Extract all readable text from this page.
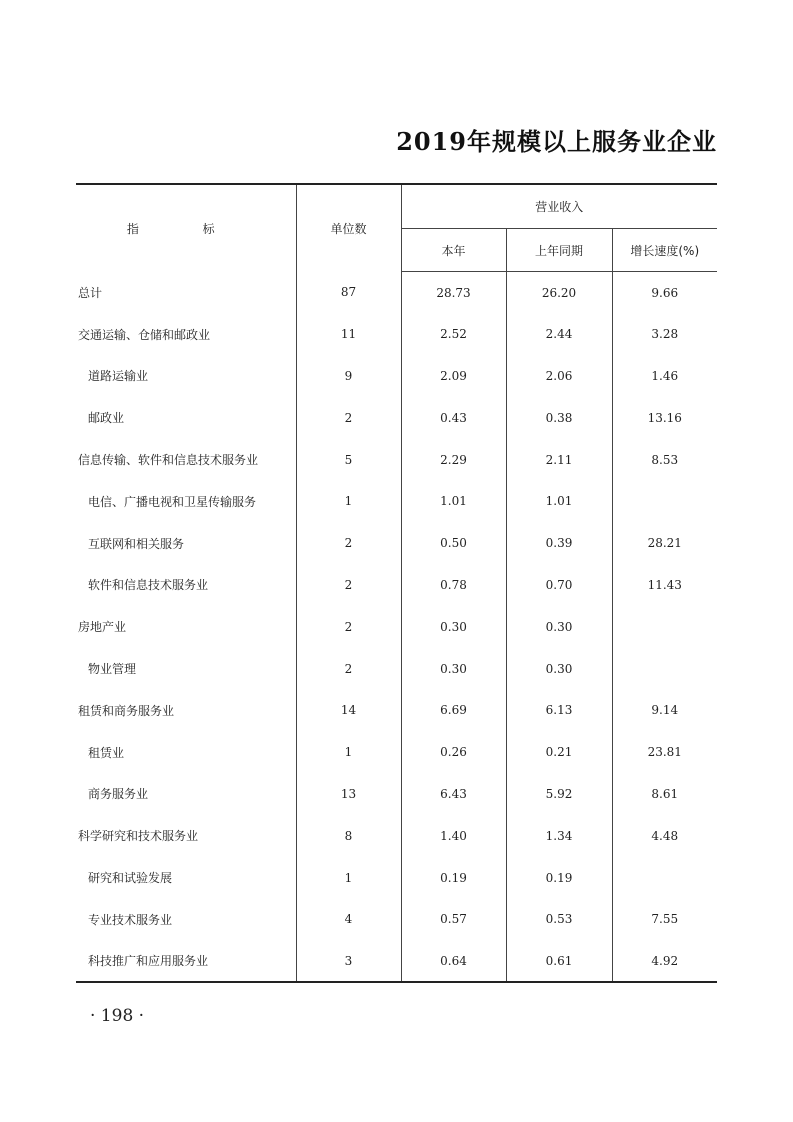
2019年规模以上服务业企业
指 标	单位数	营业收入		
		本年	上年同期	增长速度(%)
总计	87	28.73	26.20	9.66
交通运输、仓储和邮政业	11	2.52	2.44	3.28
道路运输业	9	2.09	2.06	1.46
邮政业	2	0.43	0.38	13.16
信息传输、软件和信息技术服务业	5	2.29	2.11	8.53
电信、广播电视和卫星传输服务	1	1.01	1.01	
互联网和相关服务	2	0.50	0.39	28.21
软件和信息技术服务业	2	0.78	0.70	11.43
房地产业	2	0.30	0.30	
物业管理	2	0.30	0.30	
租赁和商务服务业	14	6.69	6.13	9.14
租赁业	1	0.26	0.21	23.81
商务服务业	13	6.43	5.92	8.61
科学研究和技术服务业	8	1.40	1.34	4.48
研究和试验发展	1	0.19	0.19	
专业技术服务业	4	0.57	0.53	7.55
科技推广和应用服务业	3	0.64	0.61	4.92
· 198 ·
